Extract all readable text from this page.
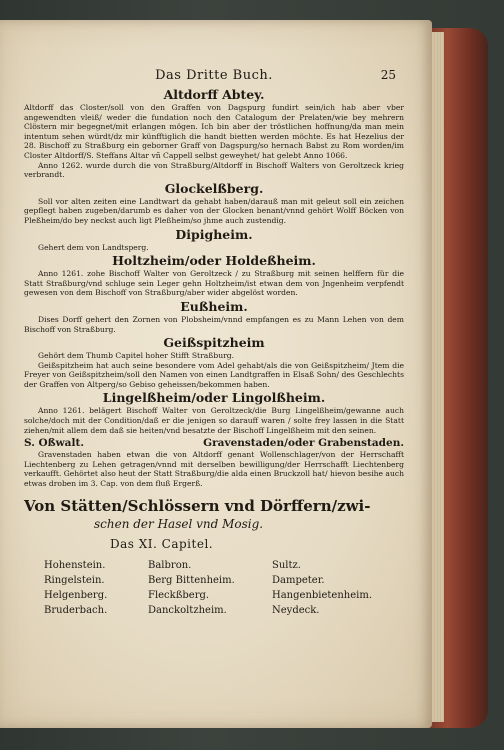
Das Dritte Buch.	25
Altdorff Abtey.

Altdorff das Closter/soll von den Graffen von Dagspurg fundirt sein/ich hab aber vber angewendten vleiß/ weder die fundation noch den Catalogum der Prelaten/wie bey mehrern Clöstern mir begegnet/mit erlangen mögen. Ich bin aber der tröstlichen hoffnung/da man mein intentum sehen würdt/dz mir künfftiglich die handt bietten werden möchte. Es hat Hezelius der 28. Bischoff zu Straßburg ein geborner Graff von Dagspurg/so hernach Babst zu Rom worden/im Closter Altdorff/S. Steffans Altar vñ Cappell selbst geweyhet/ hat gelebt Anno 1066.

Anno 1262. wurde durch die von Straßburg/Altdorff in Bischoff Walters von Geroltzeck krieg verbrandt.

Glockelßberg.

Soll vor alten zeiten eine Landtwart da gehabt haben/darauß man mit geleut soll ein zeichen gepflegt haben zugeben/darumb es daher von der Glocken benant/vnnd gehört Wolff Böcken von Pleßheim/do bey neckst auch ligt Pleßheim/so jhme auch zustendig.

Dipigheim.

Gehert dem von Landtsperg.

Holtzheim/oder Holdeßheim.

Anno 1261. zohe Bischoff Walter von Geroltzeck / zu Straßburg mit seinen helffern für die Statt Straßburg/vnd schluge sein Leger gehn Holtzheim/ist etwan dem von Jngenheim verpfendt gewesen von dem Bischoff von Straßburg/aber wider abgelöst worden.

Eußheim.

Dises Dorff gehert den Zornen von Plobsheim/vnnd empfangen es zu Mann Lehen von dem Bischoff von Straßburg.

Geißspitzheim

Gehört dem Thumb Capitel hoher Stifft Straßburg.

Geißspitzheim hat auch seine besondere vom Adel gehabt/als die von Geißspitzheim/ Jtem die Freyer von Geißspitzheim/soll den Namen von einen Landtgraffen in Elsaß Sohn/ des Geschlechts der Graffen von Altperg/so Gebiso geheissen/bekommen haben.

Lingelßheim/oder Lingolßheim.

Anno 1261. belägert Bischoff Walter von Geroltzeck/die Burg Lingelßheim/gewanne auch solche/doch mit der Condition/daß er die jenigen so darauff waren / solte frey lassen in die Statt ziehen/mit allem dem daß sie heiten/vnd besatzte der Bischoff Lingelßheim mit den seinen.

S. Oßwalt.	Gravenstaden/oder Grabenstaden.

Gravenstaden haben etwan die von Altdorff genant Wollenschlager/von der Herrschafft Liechtenberg zu Lehen getragen/vnnd mit derselben bewilligung/der Herrschafft Liechtenberg verkaufft. Gehörtet also heut der Statt Straßburg/die alda einen Bruckzoll hat/ hievon besihe auch etwas droben im 3. Cap. von dem fluß Ergerß.

Von Stätten/Schlössern vnd Dörffern/zwi-
schen der Hasel vnd Mosig.
Das XI. Capitel.
Hohenstein.	Balbron.	Sultz.
Ringelstein.	Berg Bittenheim.	Dampeter.
Helgenberg.	Fleckßberg.	Hangenbietenheim.
Bruderbach.	Danckoltzheim.	Neydeck.
